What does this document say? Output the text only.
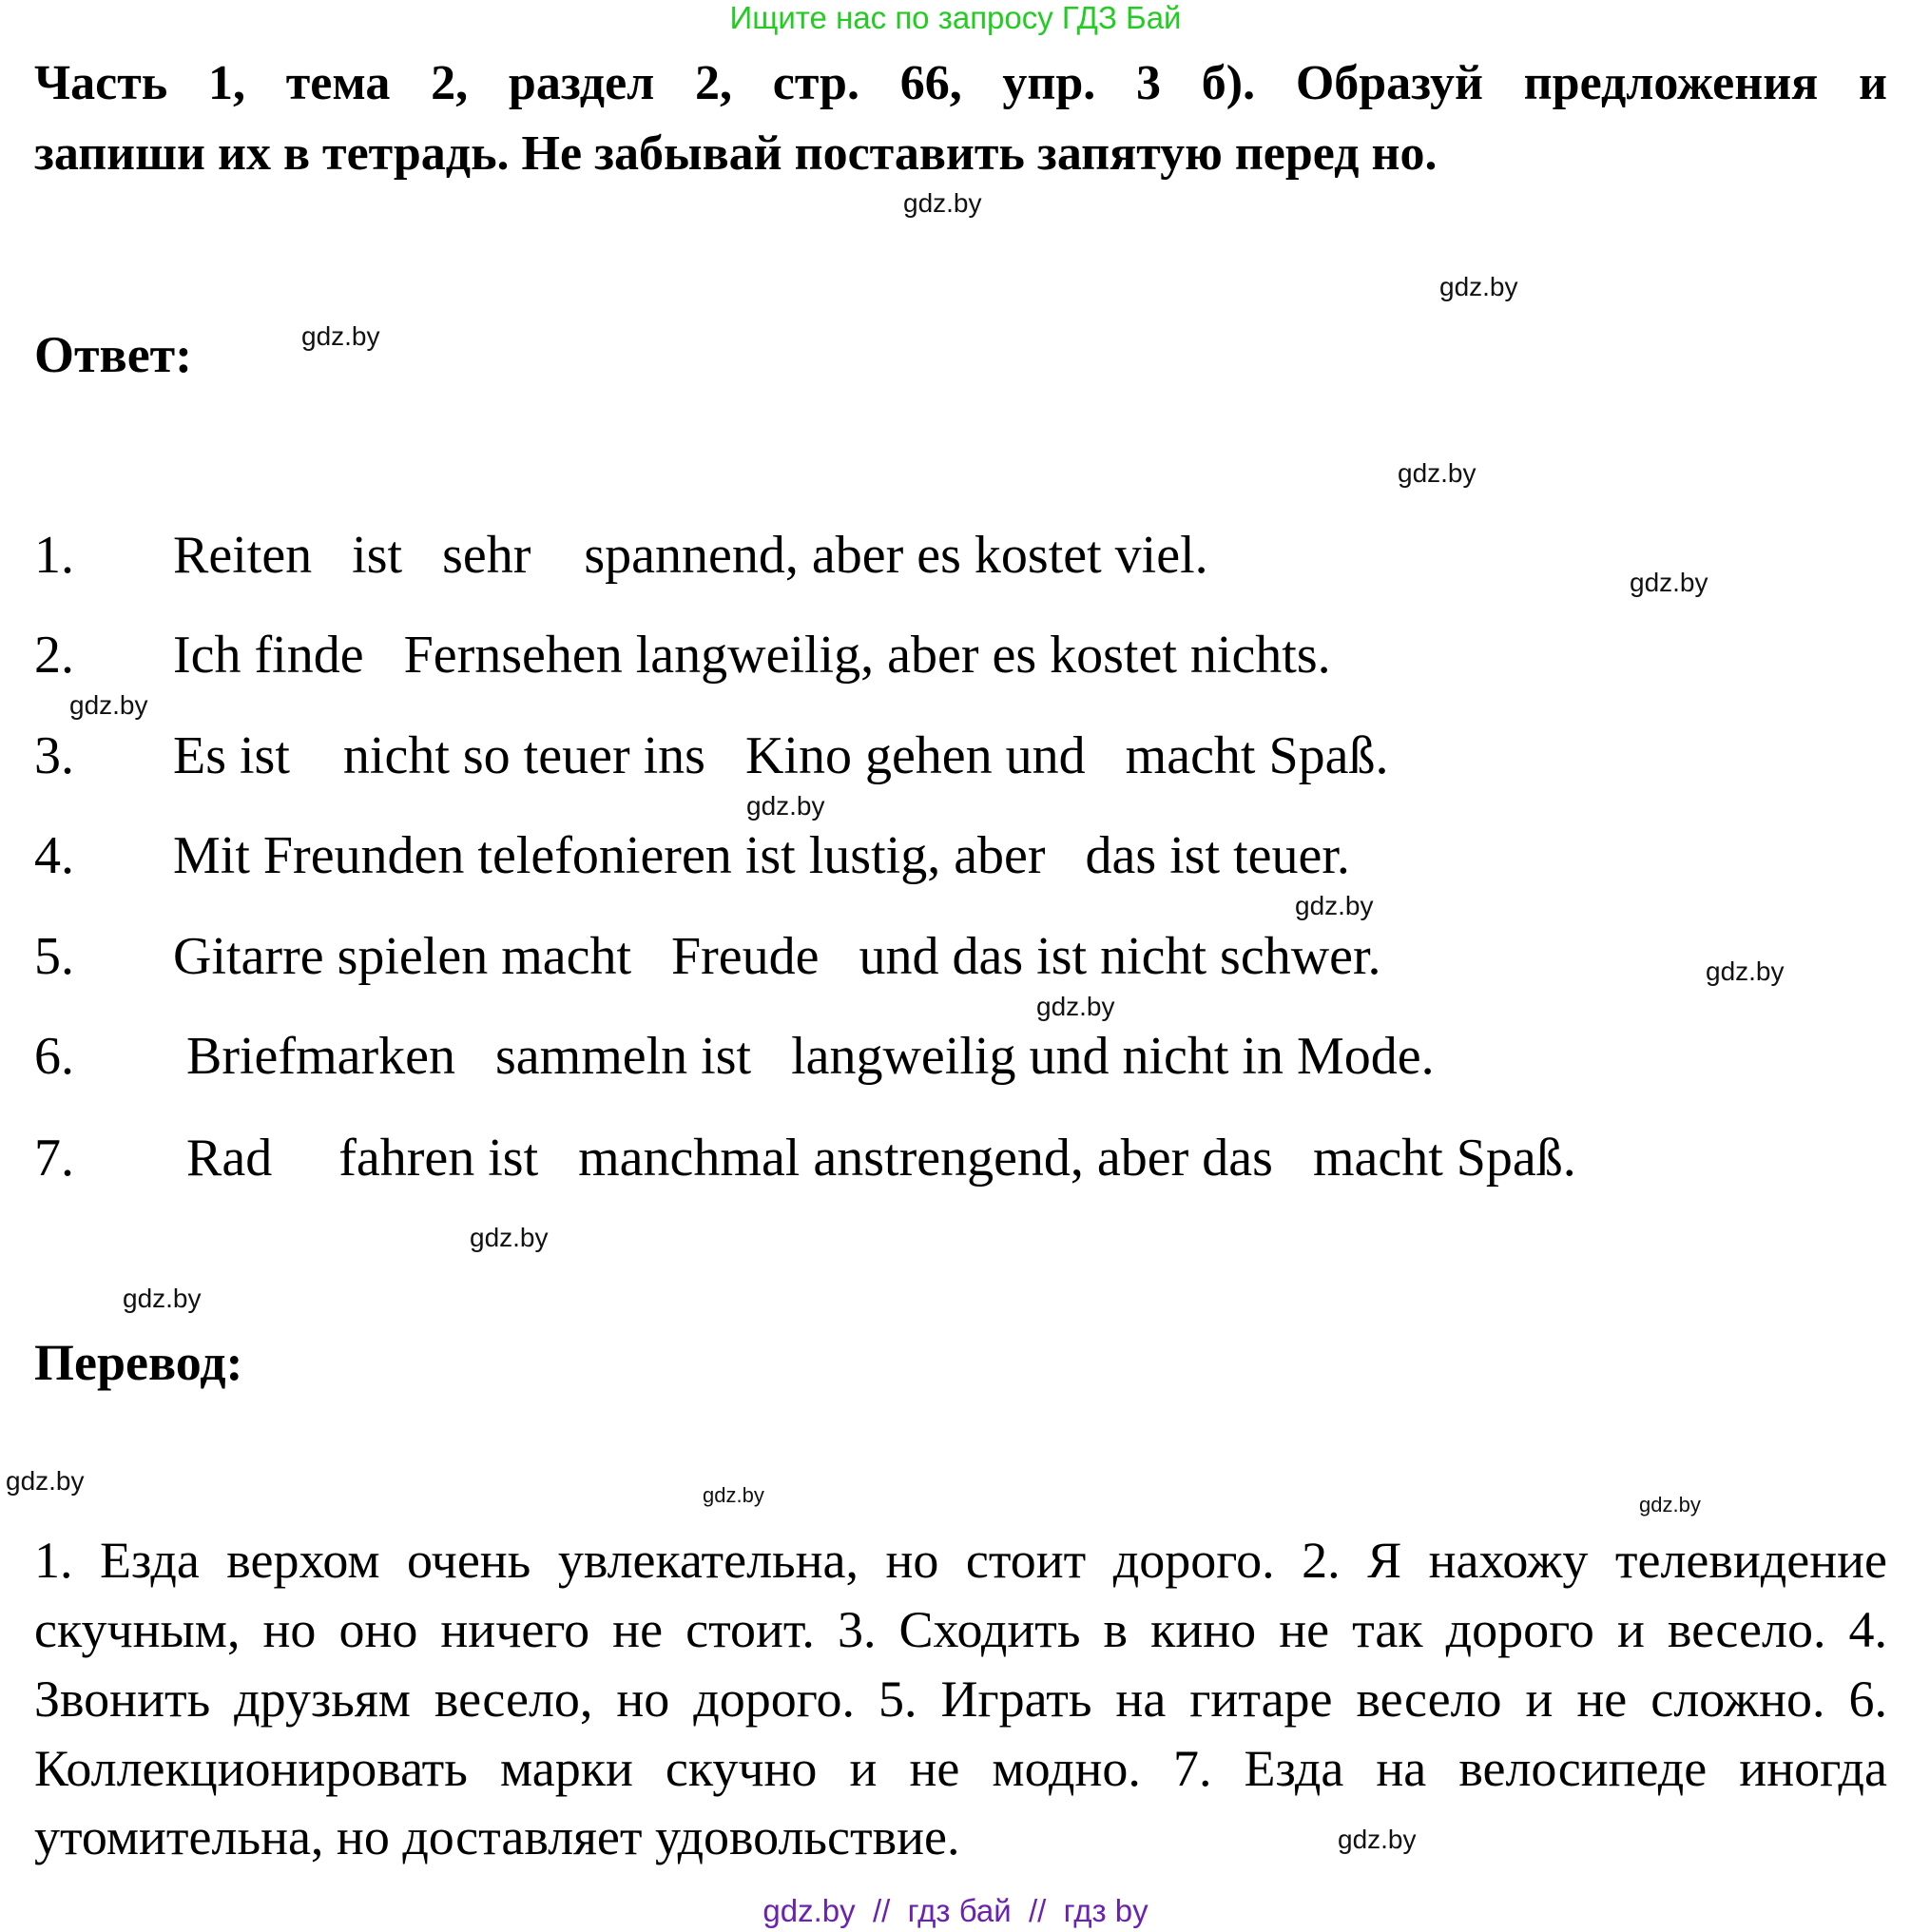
Ищите нас по запросу ГДЗ Бай
Часть 1, тема 2, раздел 2, стр. 66, упр. 3 б). Образуй предложения и
запиши их в тетрадь. Не забывай поставить запятую перед но.
Ответ:
1. Reiten   ist   sehr    spannend, aber es kostet viel.
2. Ich finde   Fernsehen langweilig, aber es kostet nichts.
3. Es ist    nicht so teuer ins   Kino gehen und   macht Spaß.
4. Mit Freunden telefonieren ist lustig, aber   das ist teuer.
5. Gitarre spielen macht   Freude   und das ist nicht schwer.
6. Briefmarken   sammeln ist   langweilig und nicht in Mode.
7. Rad     fahren ist   manchmal anstrengend, aber das   macht Spaß.
Перевод:
1. Езда верхом очень увлекательна, но стоит дорого. 2. Я нахожу телевидение
скучным, но оно ничего не стоит. 3. Сходить в кино не так дорого и весело. 4.
Звонить друзьям весело, но дорого. 5. Играть на гитаре весело и не сложно. 6.
Коллекционировать марки скучно и не модно. 7. Езда на велосипеде иногда
утомительна, но доставляет удовольствие.
gdz.by
gdz.by
gdz.by
gdz.by
gdz.by
gdz.by
gdz.by
gdz.by
gdz.by
gdz.by
gdz.by
gdz.by
gdz.by
gdz.by
gdz.by
gdz.by
gdz.by  //  гдз бай  //  гдз by
